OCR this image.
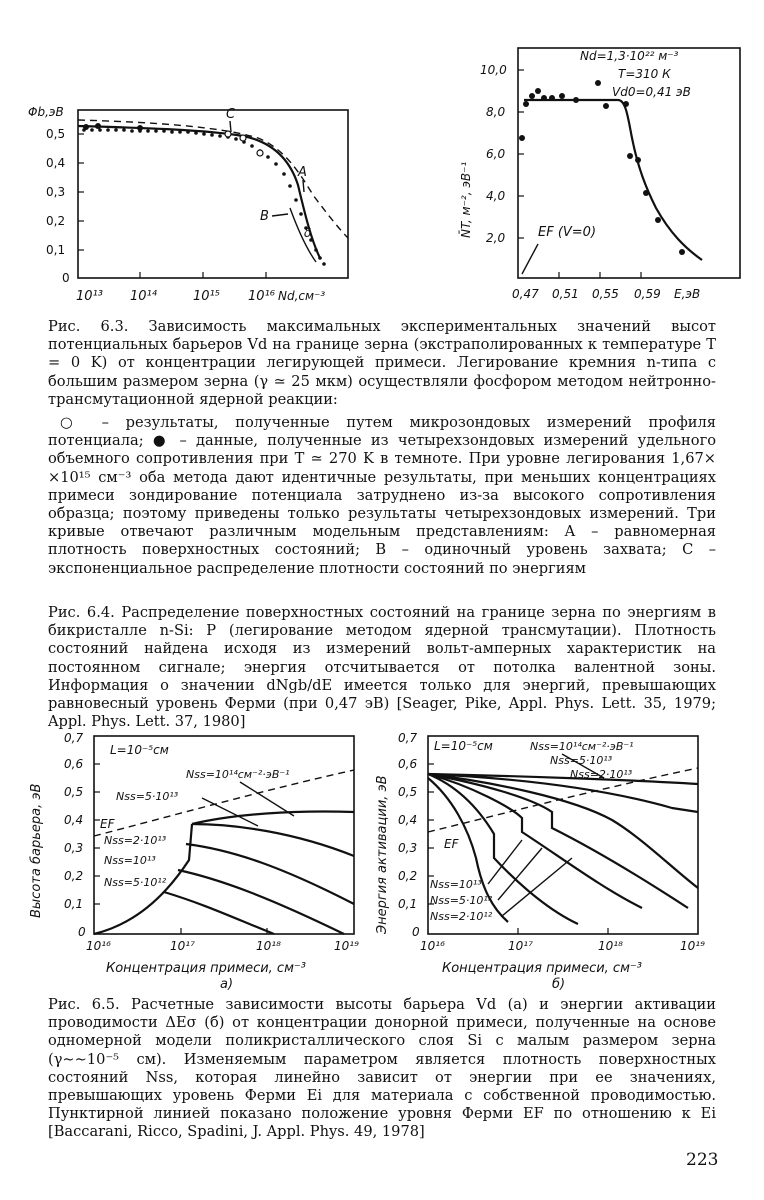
Φb,эВ
0,5
0,4
0,3
0,2
0,1
0
10¹³ 10¹⁴	10¹⁵ 10¹⁶ Nd,см⁻³
C
A
B
δ
10,0
8,0
6,0
4,0
2,0
N̄T, м⁻², эВ⁻¹
0,47 0,51 0,55 0,59 E,эВ
Nd=1,3·10²² м⁻³
T=310 К
Vd0=0,41 эВ
EF (V=0)

Рис. 6.3. Зависимость максимальных экспериментальных значений высот потенциальных барьеров Vd на границе зерна (экстраполированных к температуре T = 0 K) от концентрации легирующей примеси. Легирование кремния n-типа с большим размером зерна (γ ≃ 25 мкм) осуществляли фосфором методом нейтронно-трансмутационной ядерной реакции:

○ – результаты, полученные путем микрозондовых измерений профиля потенциала; ● – данные, полученные из четырехзондовых измерений удельного объемного сопротивления при T ≃ 270 K в темноте. При уровне легирования 1,67× ×10¹⁵ см⁻³ оба метода дают идентичные результаты, при меньших концентрациях примеси зондирование потенциала затруднено из-за высокого сопротивления образца; поэтому приведены только результаты четырехзондовых измерений. Три кривые отвечают различным модельным представлениям: A – равномерная плотность поверхностных состояний; B – одиночный уровень захвата; C – экспоненциальное распределение плотности состояний по энергиям

Рис. 6.4. Распределение поверхностных состояний на границе зерна по энергиям в бикристалле n-Si: P (легирование методом ядерной трансмутации). Плотность состояний найдена исходя из измерений вольт-амперных характеристик на постоянном сигнале; энергия отсчитывается от потолка валентной зоны. Информация о значении dNgb/dE имеется только для энергий, превышающих равновесный уровень Ферми (при 0,47 эВ) [Seager, Pike, Appl. Phys. Lett. 35, 1979; Appl. Phys. Lett. 37, 1980]

0,7
0,6
0,5
0,4
0,3
0,2
0,1
0
Высота барьера, эВ
10¹⁶	10¹⁷	10¹⁸	10¹⁹
Концентрация примеси, см⁻³
а)
L=10⁻⁵см
EF
Nss=10¹⁴см⁻²·эВ⁻¹
Nss=5·10¹³
Nss=2·10¹³
Nss=10¹³
Nss=5·10¹²
0,7
0,6
0,5
0,4
0,3
0,2
0,1
0
Энергия активации, эВ
10¹⁶	10¹⁷	10¹⁸	10¹⁹
Концентрация примеси, см⁻³
б)
L=10⁻⁵см
EF
Nss=10¹⁴см⁻²·эВ⁻¹
Nss=5·10¹³
Nss=2·10¹³
Nss=10¹³
Nss=5·10¹²
Nss=2·10¹²

Рис. 6.5. Расчетные зависимости высоты барьера Vd (а) и энергии активации проводимости ΔEσ (б) от концентрации донорной примеси, полученные на основе одномерной модели поликристаллического слоя Si с малым размером зерна (γ∼∼10⁻⁵ см). Изменяемым параметром является плотность поверхностных состояний Nss, которая линейно зависит от энергии при ее значениях, превышающих уровень Ферми Ei для материала с собственной проводимостью. Пунктирной линией показано положение уровня Ферми EF по отношению к Ei [Baccarani, Ricco, Spadini, J. Appl. Phys. 49, 1978]

223
